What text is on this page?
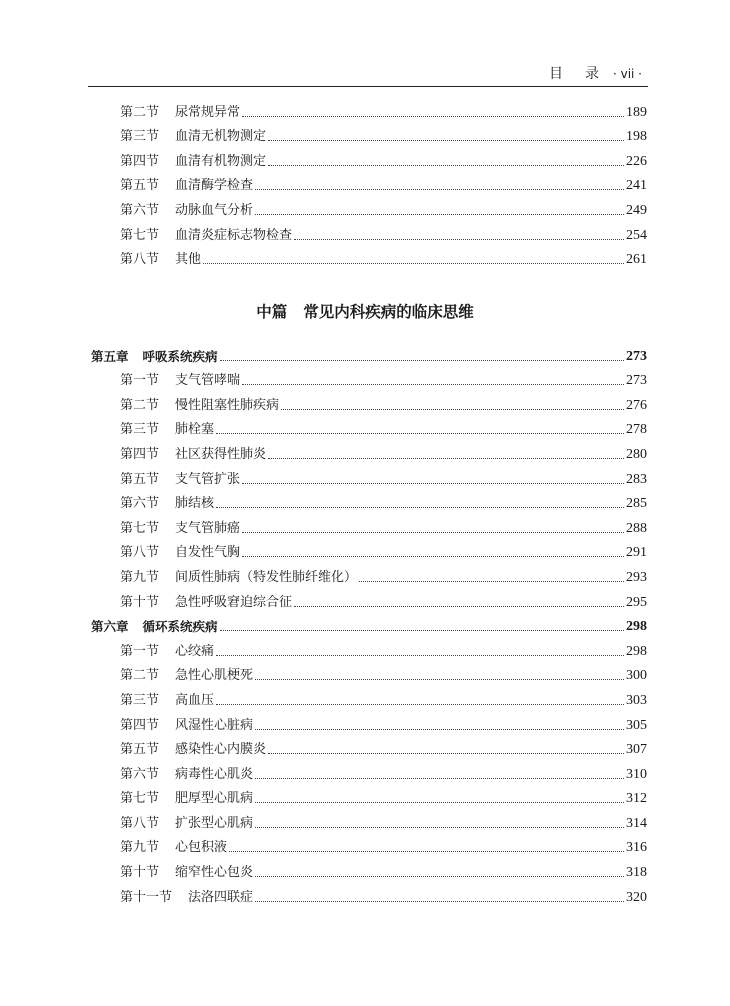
目 录 · vii ·
第二节	尿常规异常	189
第三节	血清无机物测定	198
第四节	血清有机物测定	226
第五节	血清酶学检查	241
第六节	动脉血气分析	249
第七节	血清炎症标志物检查	254
第八节	其他	261
中篇 常见内科疾病的临床思维
第五章	呼吸系统疾病	273
第一节	支气管哮喘	273
第二节	慢性阻塞性肺疾病	276
第三节	肺栓塞	278
第四节	社区获得性肺炎	280
第五节	支气管扩张	283
第六节	肺结核	285
第七节	支气管肺癌	288
第八节	自发性气胸	291
第九节	间质性肺病（特发性肺纤维化）	293
第十节	急性呼吸窘迫综合征	295
第六章	循环系统疾病	298
第一节	心绞痛	298
第二节	急性心肌梗死	300
第三节	高血压	303
第四节	风湿性心脏病	305
第五节	感染性心内膜炎	307
第六节	病毒性心肌炎	310
第七节	肥厚型心肌病	312
第八节	扩张型心肌病	314
第九节	心包积液	316
第十节	缩窄性心包炎	318
第十一节	法洛四联症	320
